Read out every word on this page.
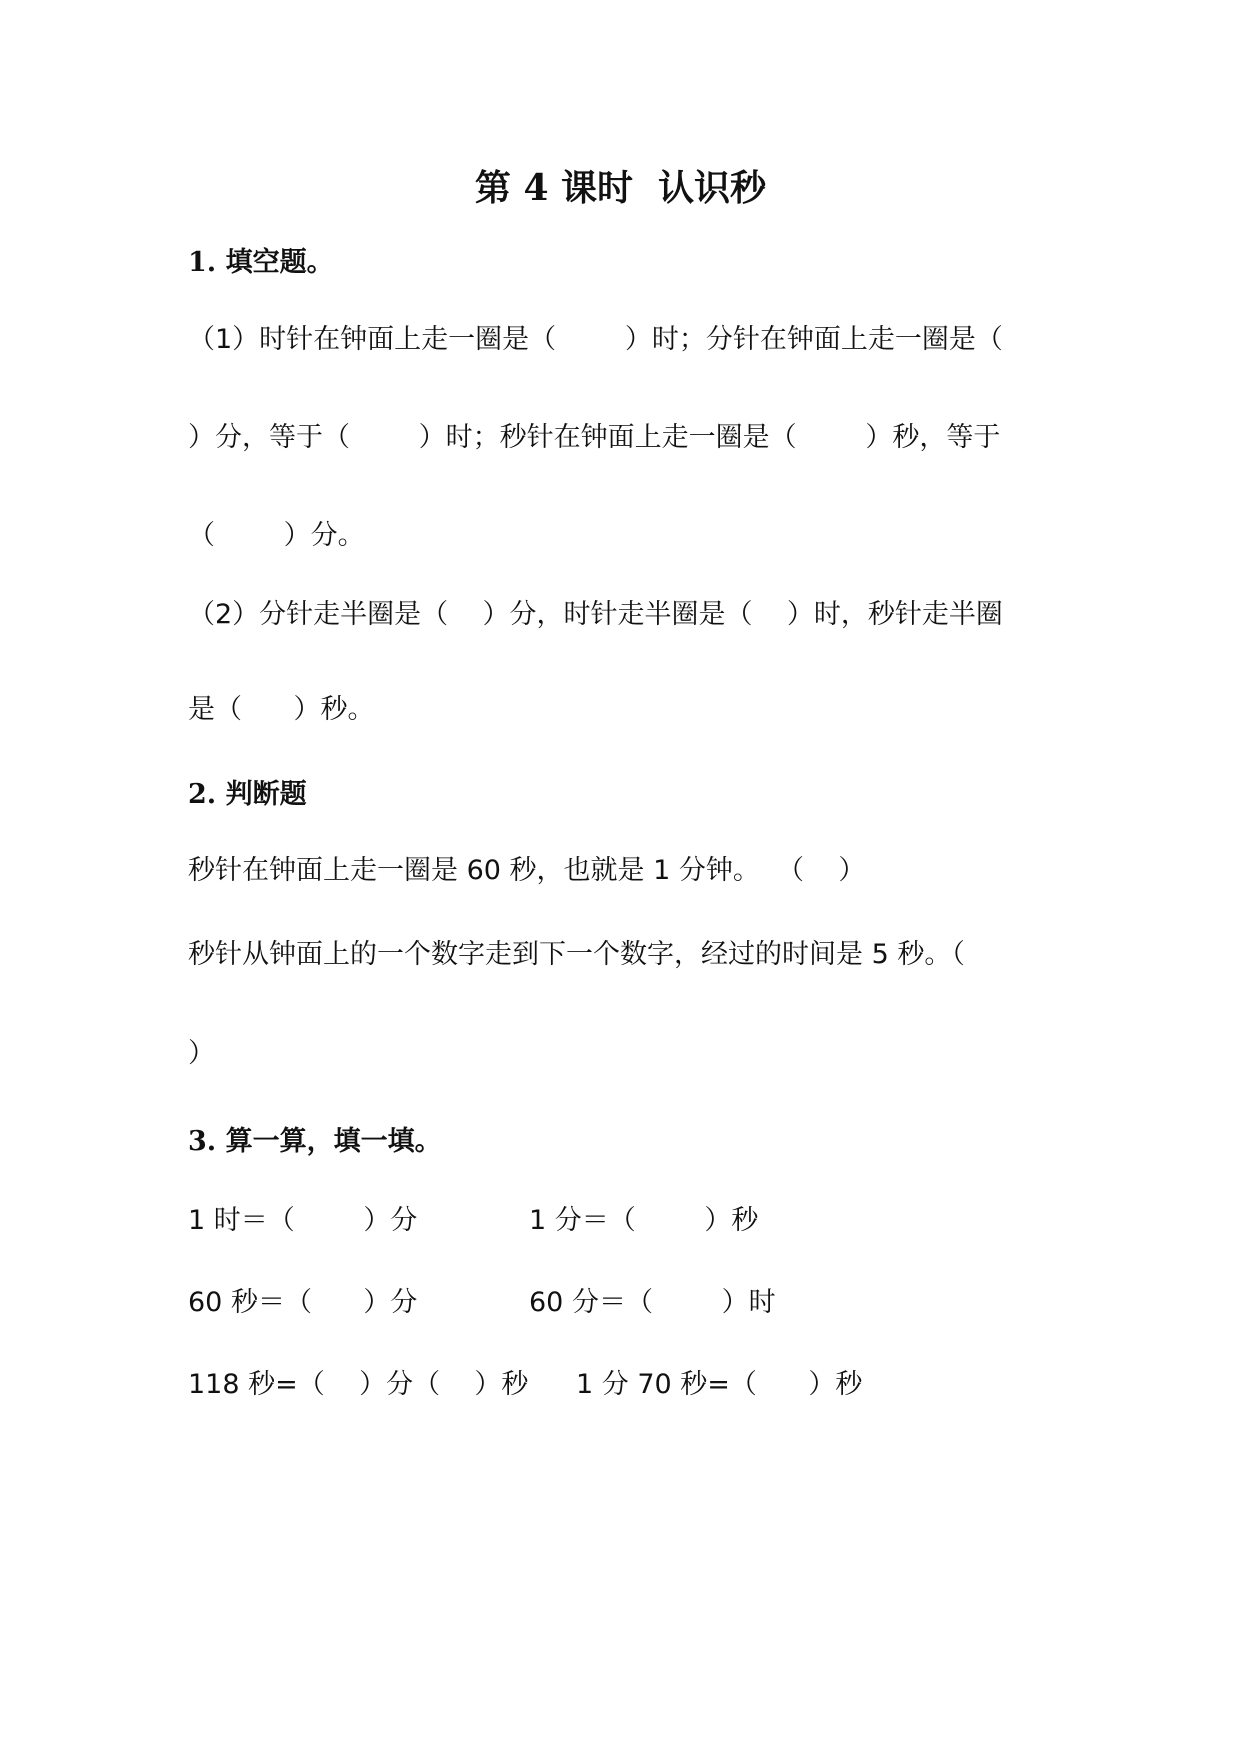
第 4 课时  认识秒
1. 填空题。
（1）时针在钟面上走一圈是（        ）时；分针在钟面上走一圈是（
）分，等于（        ）时；秒针在钟面上走一圈是（        ）秒，等于
（        ）分。
（2）分针走半圈是（    ）分，时针走半圈是（    ）时，秒针走半圈
是（      ）秒。
2. 判断题
秒针在钟面上走一圈是 60 秒，也就是 1 分钟。  （    ）
秒针从钟面上的一个数字走到下一个数字，经过的时间是 5 秒。（
）
3. 算一算，填一填。
1 时＝（        ）分	1 分＝（        ）秒
60 秒＝（      ）分	60 分＝（        ）时
118 秒=（    ）分（    ）秒 1 分 70 秒=（      ）秒
